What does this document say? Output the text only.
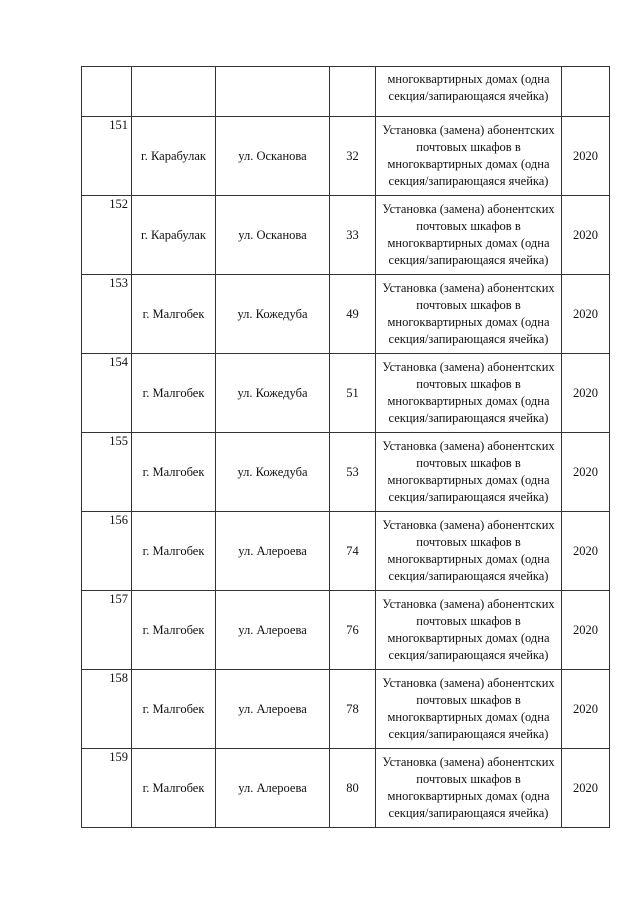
				многоквартирных домах (одна
секция/запирающаяся ячейка)	

151	г. Карабулак	ул. Осканова	32	Установка (замена) абонентских
почтовых шкафов в
многоквартирных домах (одна
секция/запирающаяся ячейка)	2020
152	г. Карабулак	ул. Осканова	33	Установка (замена) абонентских
почтовых шкафов в
многоквартирных домах (одна
секция/запирающаяся ячейка)	2020
153	г. Малгобек	ул. Кожедуба	49	Установка (замена) абонентских
почтовых шкафов в
многоквартирных домах (одна
секция/запирающаяся ячейка)	2020
154	г. Малгобек	ул. Кожедуба	51	Установка (замена) абонентских
почтовых шкафов в
многоквартирных домах (одна
секция/запирающаяся ячейка)	2020
155	г. Малгобек	ул. Кожедуба	53	Установка (замена) абонентских
почтовых шкафов в
многоквартирных домах (одна
секция/запирающаяся ячейка)	2020
156	г. Малгобек	ул. Алероева	74	Установка (замена) абонентских
почтовых шкафов в
многоквартирных домах (одна
секция/запирающаяся ячейка)	2020
157	г. Малгобек	ул. Алероева	76	Установка (замена) абонентских
почтовых шкафов в
многоквартирных домах (одна
секция/запирающаяся ячейка)	2020
158	г. Малгобек	ул. Алероева	78	Установка (замена) абонентских
почтовых шкафов в
многоквартирных домах (одна
секция/запирающаяся ячейка)	2020
159	г. Малгобек	ул. Алероева	80	Установка (замена) абонентских
почтовых шкафов в
многоквартирных домах (одна
секция/запирающаяся ячейка)	2020
